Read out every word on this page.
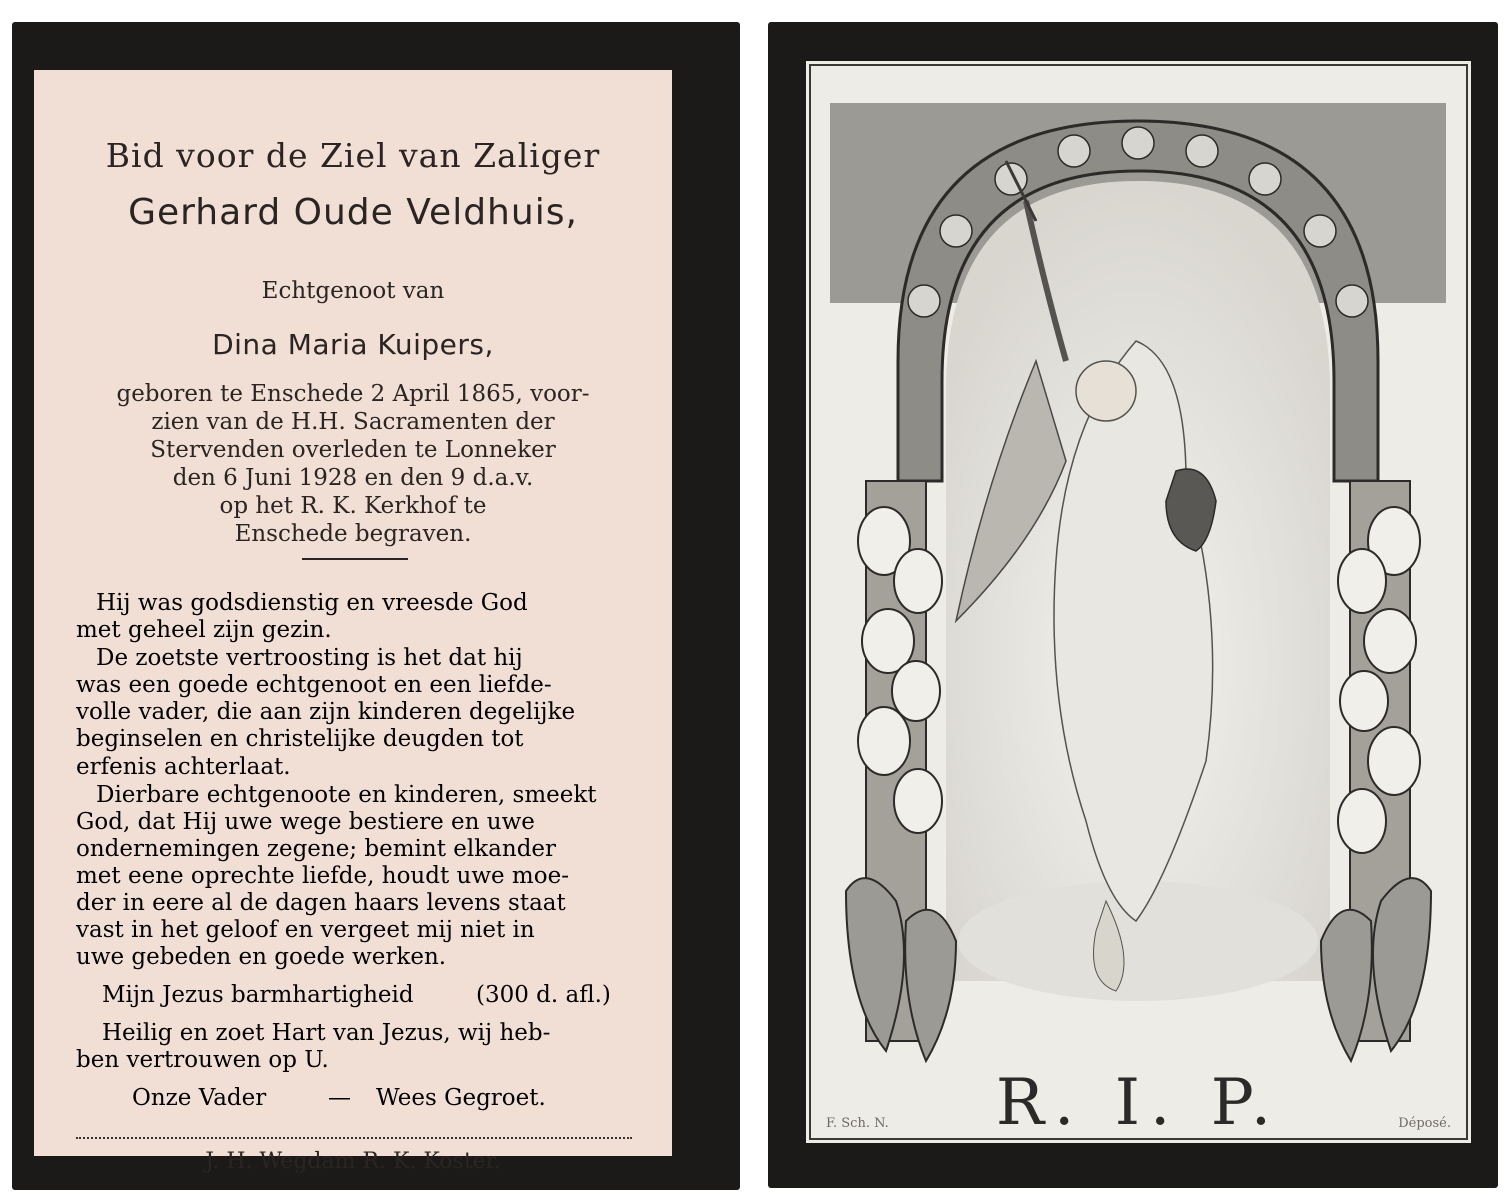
Bid voor de Ziel van Zaliger
Gerhard Oude Veldhuis,
Echtgenoot van
Dina Maria Kuipers,
geboren te Enschede 2 April 1865, voor-
zien van de H.H. Sacramenten der
Stervenden overleden te Lonneker
den 6 Juni 1928 en den 9 d.a.v.
op het R. K. Kerkhof te
Enschede begraven.
Hij was godsdienstig en vreesde God
met geheel zijn gezin.
De zoetste vertroosting is het dat hij
was een goede echtgenoot en een liefde-
volle vader, die aan zijn kinderen degelijke
beginselen en christelijke deugden tot
erfenis achterlaat.
Dierbare echtgenoote en kinderen, smeekt
God, dat Hij uwe wege bestiere en uwe
ondernemingen zegene; bemint elkander
met eene oprechte liefde, houdt uwe moe-
der in eere al de dagen haars levens staat
vast in het geloof en vergeet mij niet in
uwe gebeden en goede werken.
Mijn Jezus barmhartigheid	(300 d. afl.)
Heilig en zoet Hart van Jezus, wij heb-
ben vertrouwen op U.
Onze Vader	— Wees Gegroet.
J. H. Wegdam R. K. Koster.
R. I. P.
F. Sch. N.	Déposé.
